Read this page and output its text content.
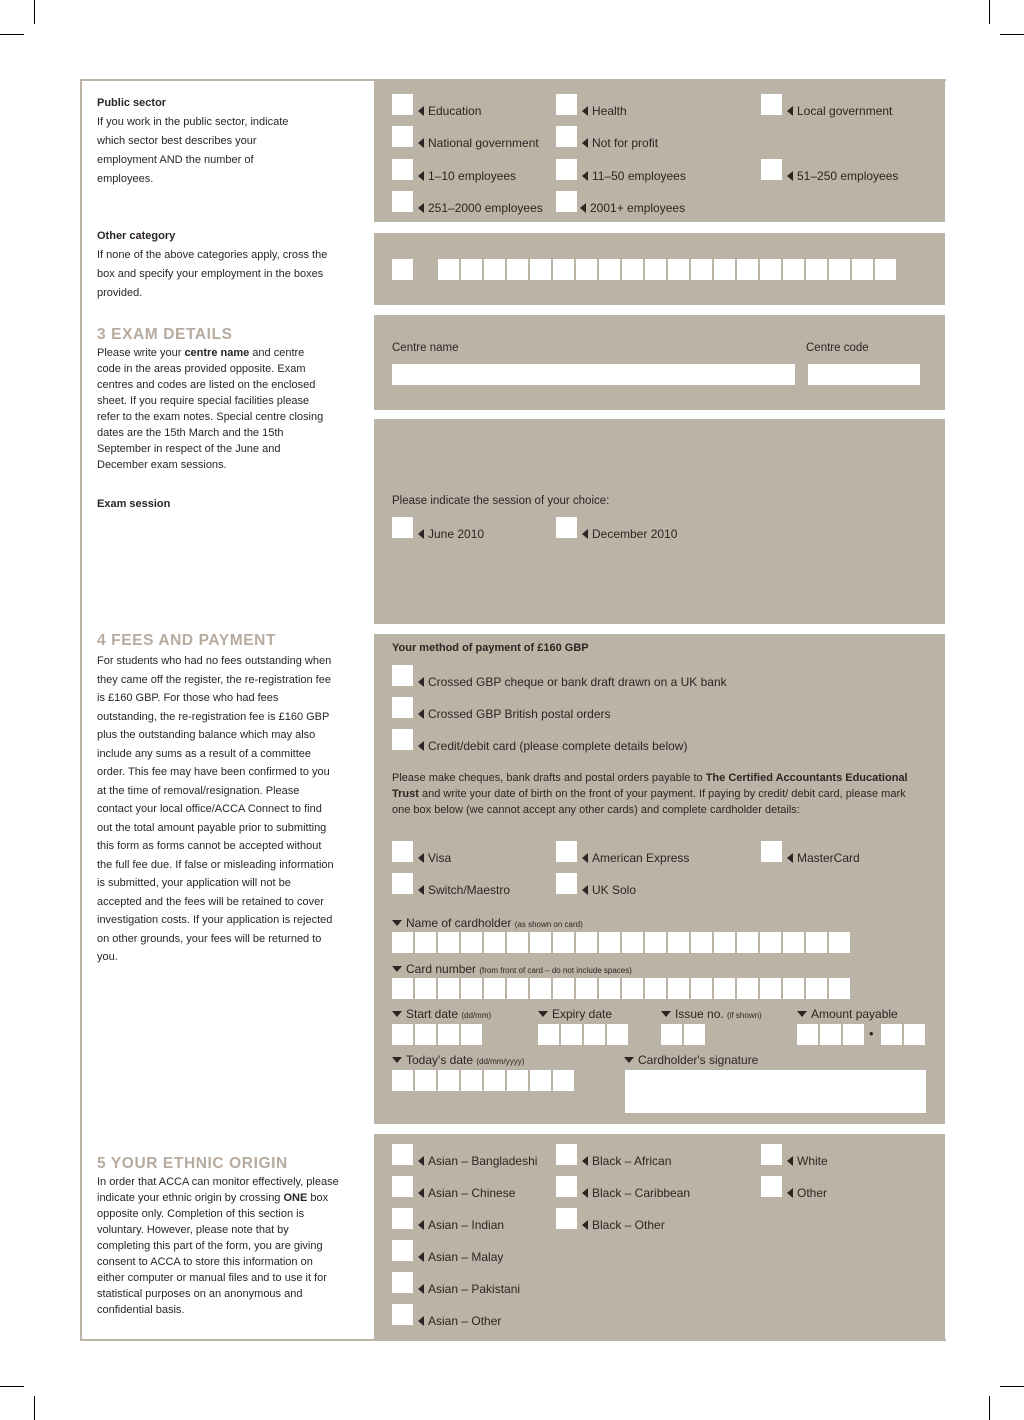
Public sector
If you work in the public sector, indicate which sector best describes your employment AND the number of employees.
Other category
If none of the above categories apply, cross the box and specify your employment in the boxes provided.
3 EXAM DETAILS
Please write your centre name and centre code in the areas provided opposite. Exam centres and codes are listed on the enclosed sheet. If you require special facilities please refer to the exam notes. Special centre closing dates are the 15th March and the 15th September in respect of the June and December exam sessions.
Exam session
4 FEES AND PAYMENT
For students who had no fees outstanding when they came off the register, the re-registration fee is £160 GBP. For those who had fees outstanding, the re-registration fee is £160 GBP plus the outstanding balance which may also include any sums as a result of a committee order. This fee may have been confirmed to you at the time of removal/resignation. Please contact your local office/ACCA Connect to find out the total amount payable prior to submitting this form as forms cannot be accepted without the full fee due. If false or misleading information is submitted, your application will not be accepted and the fees will be retained to cover investigation costs. If your application is rejected on other grounds, your fees will be returned to you.
5 YOUR ETHNIC ORIGIN
In order that ACCA can monitor effectively, please indicate your ethnic origin by crossing ONE box opposite only. Completion of this section is voluntary. However, please note that by completing this part of the form, you are giving consent to ACCA to store this information on either computer or manual files and to use it for statistical purposes on an anonymous and confidential basis.
Education	Health	Local government
National government	Not for profit
1–10 employees	11–50 employees	51–250 employees
251–2000 employees	2001+ employees
Centre name	Centre code
Please indicate the session of your choice:
June 2010	December 2010
Your method of payment of £160 GBP
Crossed GBP cheque or bank draft drawn on a UK bank
Crossed GBP British postal orders
Credit/debit card (please complete details below)
Please make cheques, bank drafts and postal orders payable to The Certified Accountants Educational Trust and write your date of birth on the front of your payment. If paying by credit/ debit card, please mark one box below (we cannot accept any other cards) and complete cardholder details:
Visa	American Express	MasterCard
Switch/Maestro	UK Solo
Name of cardholder (as shown on card)
Card number (from front of card – do not include spaces)
Start date (dd/mm)	Expiry date	Issue no. (if shown)	Amount payable
•
Today's date (dd/mm/yyyy)	Cardholder's signature
Asian – Bangladeshi	Black – African	White
Asian – Chinese	Black – Caribbean	Other
Asian – Indian	Black – Other
Asian – Malay
Asian – Pakistani
Asian – Other
